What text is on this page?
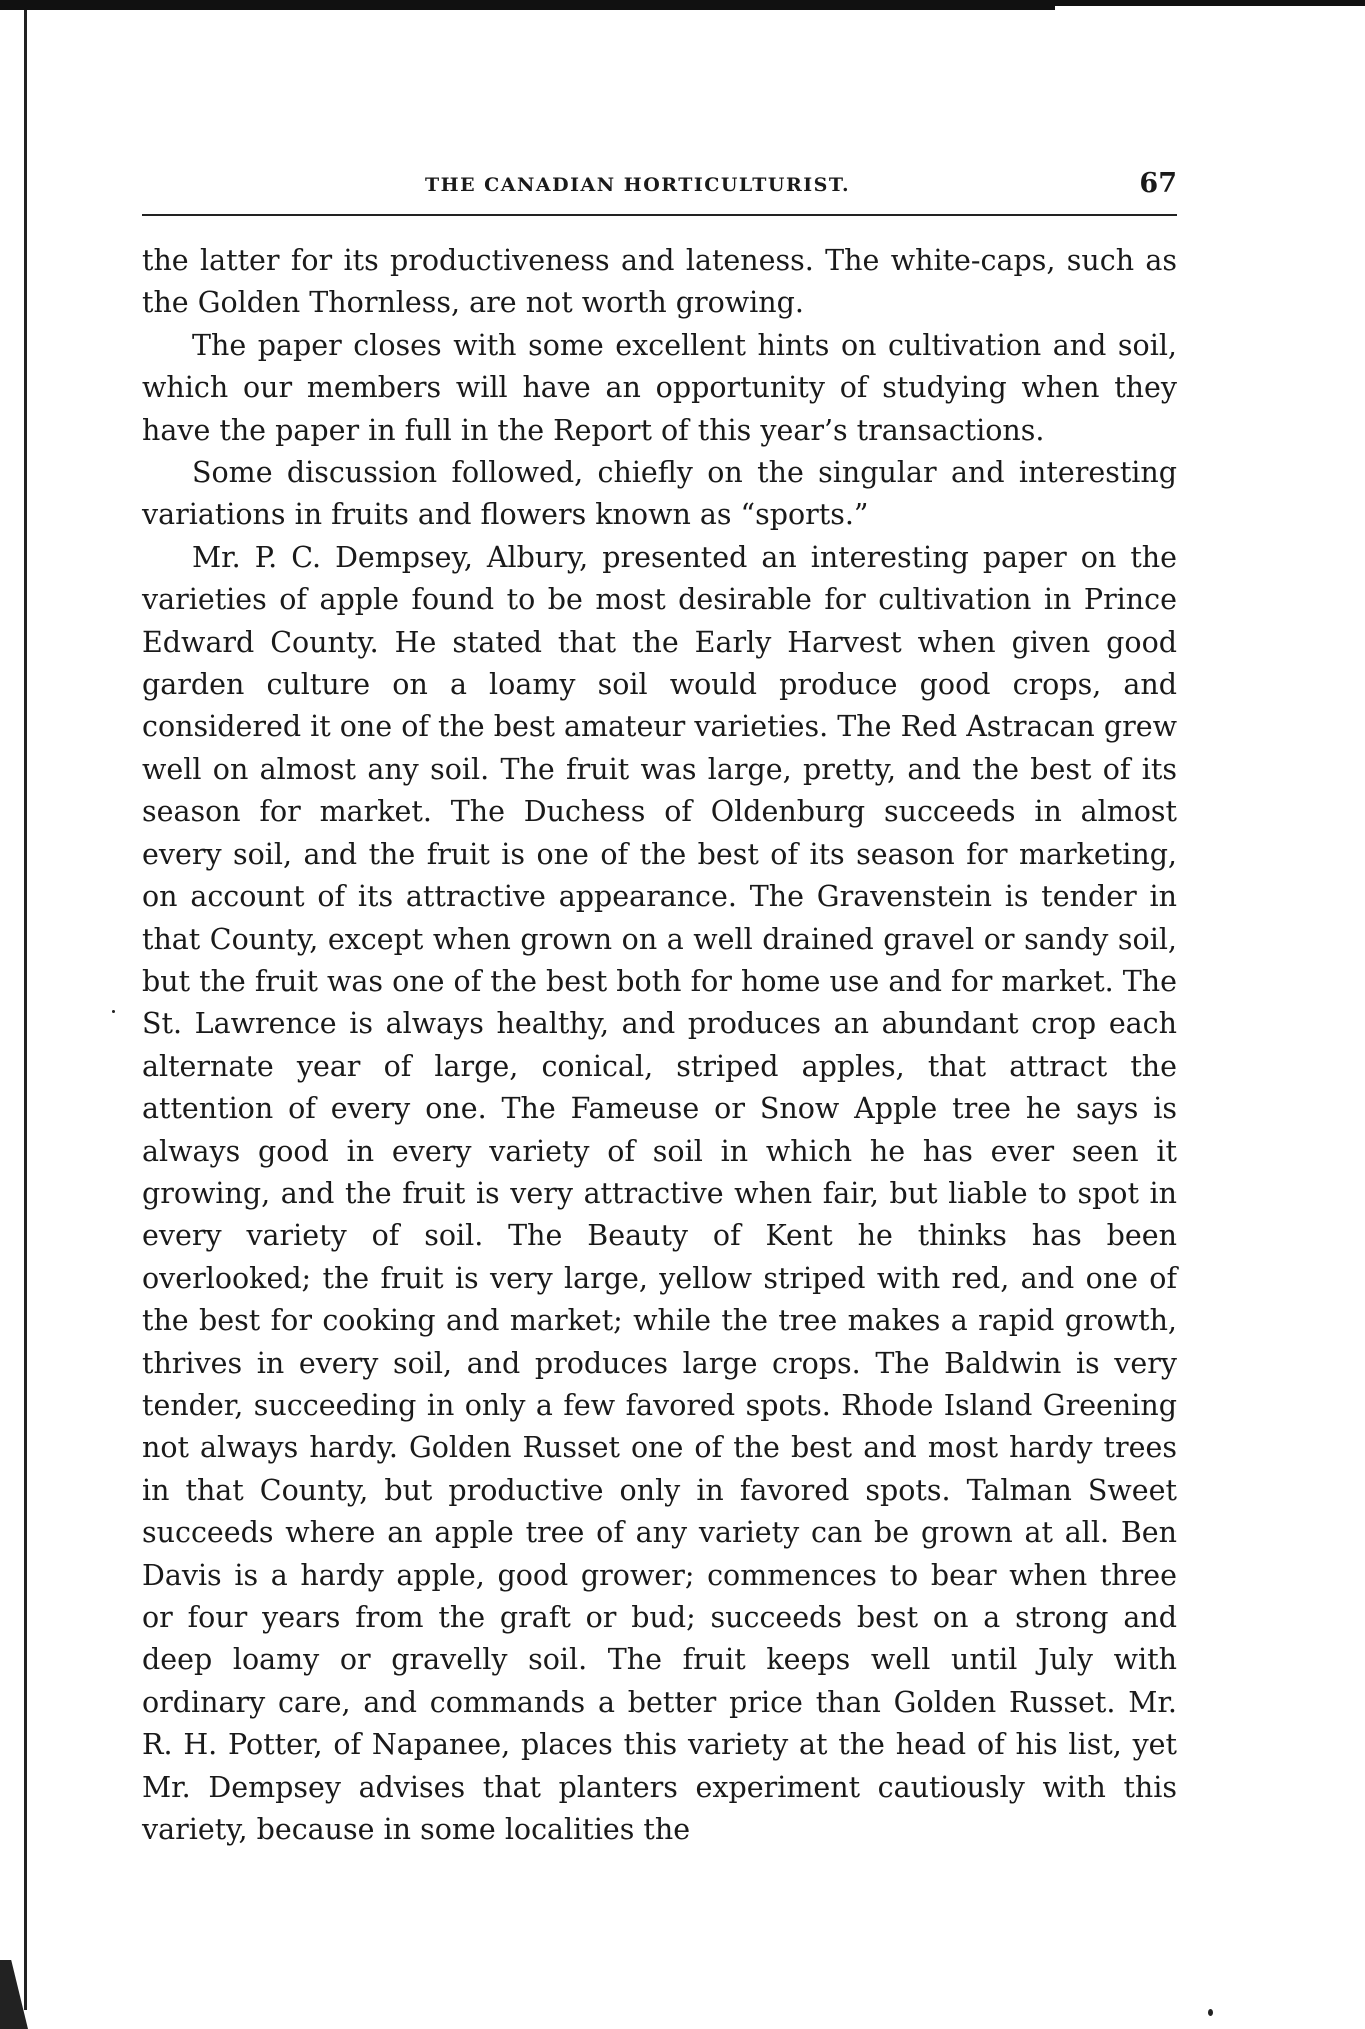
THE CANADIAN HORTICULTURIST.	67

the latter for its productiveness and lateness. The white-caps, such as the Golden Thornless, are not worth growing.

The paper closes with some excellent hints on cultivation and soil, which our members will have an opportunity of studying when they have the paper in full in the Report of this year’s transactions.

Some discussion followed, chiefly on the singular and interesting variations in fruits and flowers known as “sports.”

Mr. P. C. Dempsey, Albury, presented an interesting paper on the varieties of apple found to be most desirable for cultivation in Prince Edward County. He stated that the Early Harvest when given good garden culture on a loamy soil would produce good crops, and considered it one of the best amateur varieties. The Red Astracan grew well on almost any soil. The fruit was large, pretty, and the best of its season for market. The Duchess of Oldenburg succeeds in almost every soil, and the fruit is one of the best of its season for marketing, on account of its attractive appearance. The Gravenstein is tender in that County, except when grown on a well drained gravel or sandy soil, but the fruit was one of the best both for home use and for market. The St. Lawrence is always healthy, and produces an abundant crop each alternate year of large, conical, striped apples, that attract the attention of every one. The Fameuse or Snow Apple tree he says is always good in every variety of soil in which he has ever seen it growing, and the fruit is very attractive when fair, but liable to spot in every variety of soil. The Beauty of Kent he thinks has been overlooked; the fruit is very large, yellow striped with red, and one of the best for cooking and market; while the tree makes a rapid growth, thrives in every soil, and produces large crops. The Baldwin is very tender, succeeding in only a few favored spots. Rhode Island Greening not always hardy. Golden Russet one of the best and most hardy trees in that County, but productive only in favored spots. Talman Sweet succeeds where an apple tree of any variety can be grown at all. Ben Davis is a hardy apple, good grower; commences to bear when three or four years from the graft or bud; succeeds best on a strong and deep loamy or gravelly soil. The fruit keeps well until July with ordinary care, and commands a better price than Golden Russet. Mr. R. H. Potter, of Napanee, places this variety at the head of his list, yet Mr. Dempsey advises that planters experiment cautiously with this variety, because in some localities the
